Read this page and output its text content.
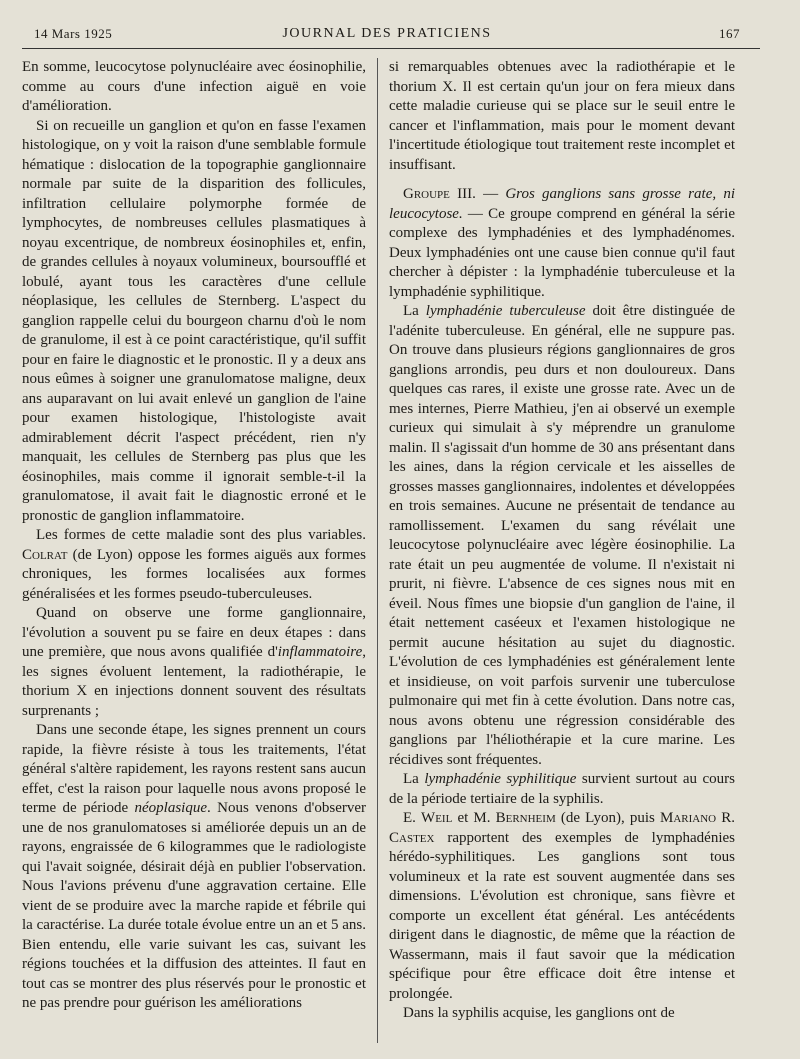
14 Mars 1925	JOURNAL DES PRATICIENS	167

En somme, leucocytose polynucléaire avec éosinophilie, comme au cours d'une infection aiguë en voie d'amélioration.

Si on recueille un ganglion et qu'on en fasse l'examen histologique, on y voit la raison d'une semblable formule hématique : dislocation de la topographie ganglionnaire normale par suite de la disparition des follicules, infiltration cellulaire polymorphe formée de lymphocytes, de nombreuses cellules plasmatiques à noyau excentrique, de nombreux éosinophiles et, enfin, de grandes cellules à noyaux volumineux, boursoufflé et lobulé, ayant tous les caractères d'une cellule néoplasique, les cellules de Sternberg. L'aspect du ganglion rappelle celui du bourgeon charnu d'où le nom de granulome, il est à ce point caractéristique, qu'il suffit pour en faire le diagnostic et le pronostic. Il y a deux ans nous eûmes à soigner une granulomatose maligne, deux ans auparavant on lui avait enlevé un ganglion de l'aine pour examen histologique, l'histologiste avait admirablement décrit l'aspect précédent, rien n'y manquait, les cellules de Sternberg pas plus que les éosinophiles, mais comme il ignorait semble-t-il la granulomatose, il avait fait le diagnostic erroné et le pronostic de ganglion inflammatoire.

Les formes de cette maladie sont des plus variables. Colrat (de Lyon) oppose les formes aiguës aux formes chroniques, les formes localisées aux formes généralisées et les formes pseudo-tuberculeuses.

Quand on observe une forme ganglionnaire, l'évolution a souvent pu se faire en deux étapes : dans une première, que nous avons qualifiée d'inflammatoire, les signes évoluent lentement, la radiothérapie, le thorium X en injections donnent souvent des résultats surprenants ;

Dans une seconde étape, les signes prennent un cours rapide, la fièvre résiste à tous les traitements, l'état général s'altère rapidement, les rayons restent sans aucun effet, c'est la raison pour laquelle nous avons proposé le terme de période néoplasique. Nous venons d'observer une de nos granulomatoses si améliorée depuis un an de rayons, engraissée de 6 kilogrammes que le radiologiste qui l'avait soignée, désirait déjà en publier l'observation. Nous l'avions prévenu d'une aggravation certaine. Elle vient de se produire avec la marche rapide et fébrile qui la caractérise. La durée totale évolue entre un an et 5 ans. Bien entendu, elle varie suivant les cas, suivant les régions touchées et la diffusion des atteintes. Il faut en tout cas se montrer des plus réservés pour le pronostic et ne pas prendre pour guérison les améliorations

si remarquables obtenues avec la radiothérapie et le thorium X. Il est certain qu'un jour on fera mieux dans cette maladie curieuse qui se place sur le seuil entre le cancer et l'inflammation, mais pour le moment devant l'incertitude étiologique tout traitement reste incomplet et insuffisant.

Groupe III. — Gros ganglions sans grosse rate, ni leucocytose. — Ce groupe comprend en général la série complexe des lymphadénies et des lymphadénomes. Deux lymphadénies ont une cause bien connue qu'il faut chercher à dépister : la lymphadénie tuberculeuse et la lymphadénie syphilitique.

La lymphadénie tuberculeuse doit être distinguée de l'adénite tuberculeuse. En général, elle ne suppure pas. On trouve dans plusieurs régions ganglionnaires de gros ganglions arrondis, peu durs et non douloureux. Dans quelques cas rares, il existe une grosse rate. Avec un de mes internes, Pierre Mathieu, j'en ai observé un exemple curieux qui simulait à s'y méprendre un granulome malin. Il s'agissait d'un homme de 30 ans présentant dans les aines, dans la région cervicale et les aisselles de grosses masses ganglionnaires, indolentes et développées en trois semaines. Aucune ne présentait de tendance au ramollissement. L'examen du sang révélait une leucocytose polynucléaire avec légère éosinophilie. La rate était un peu augmentée de volume. Il n'existait ni prurit, ni fièvre. L'absence de ces signes nous mit en éveil. Nous fîmes une biopsie d'un ganglion de l'aine, il était nettement caséeux et l'examen histologique ne permit aucune hésitation au sujet du diagnostic. L'évolution de ces lymphadénies est généralement lente et insidieuse, on voit parfois survenir une tuberculose pulmonaire qui met fin à cette évolution. Dans notre cas, nous avons obtenu une régression considérable des ganglions par l'héliothérapie et la cure marine. Les récidives sont fréquentes.

La lymphadénie syphilitique survient surtout au cours de la période tertiaire de la syphilis.

E. Weil et M. Bernheim (de Lyon), puis Mariano R. Castex rapportent des exemples de lymphadénies hérédo-syphilitiques. Les ganglions sont tous volumineux et la rate est souvent augmentée dans ses dimensions. L'évolution est chronique, sans fièvre et comporte un excellent état général. Les antécédents dirigent dans le diagnostic, de même que la réaction de Wassermann, mais il faut savoir que la médication spécifique pour être efficace doit être intense et prolongée.

Dans la syphilis acquise, les ganglions ont de
